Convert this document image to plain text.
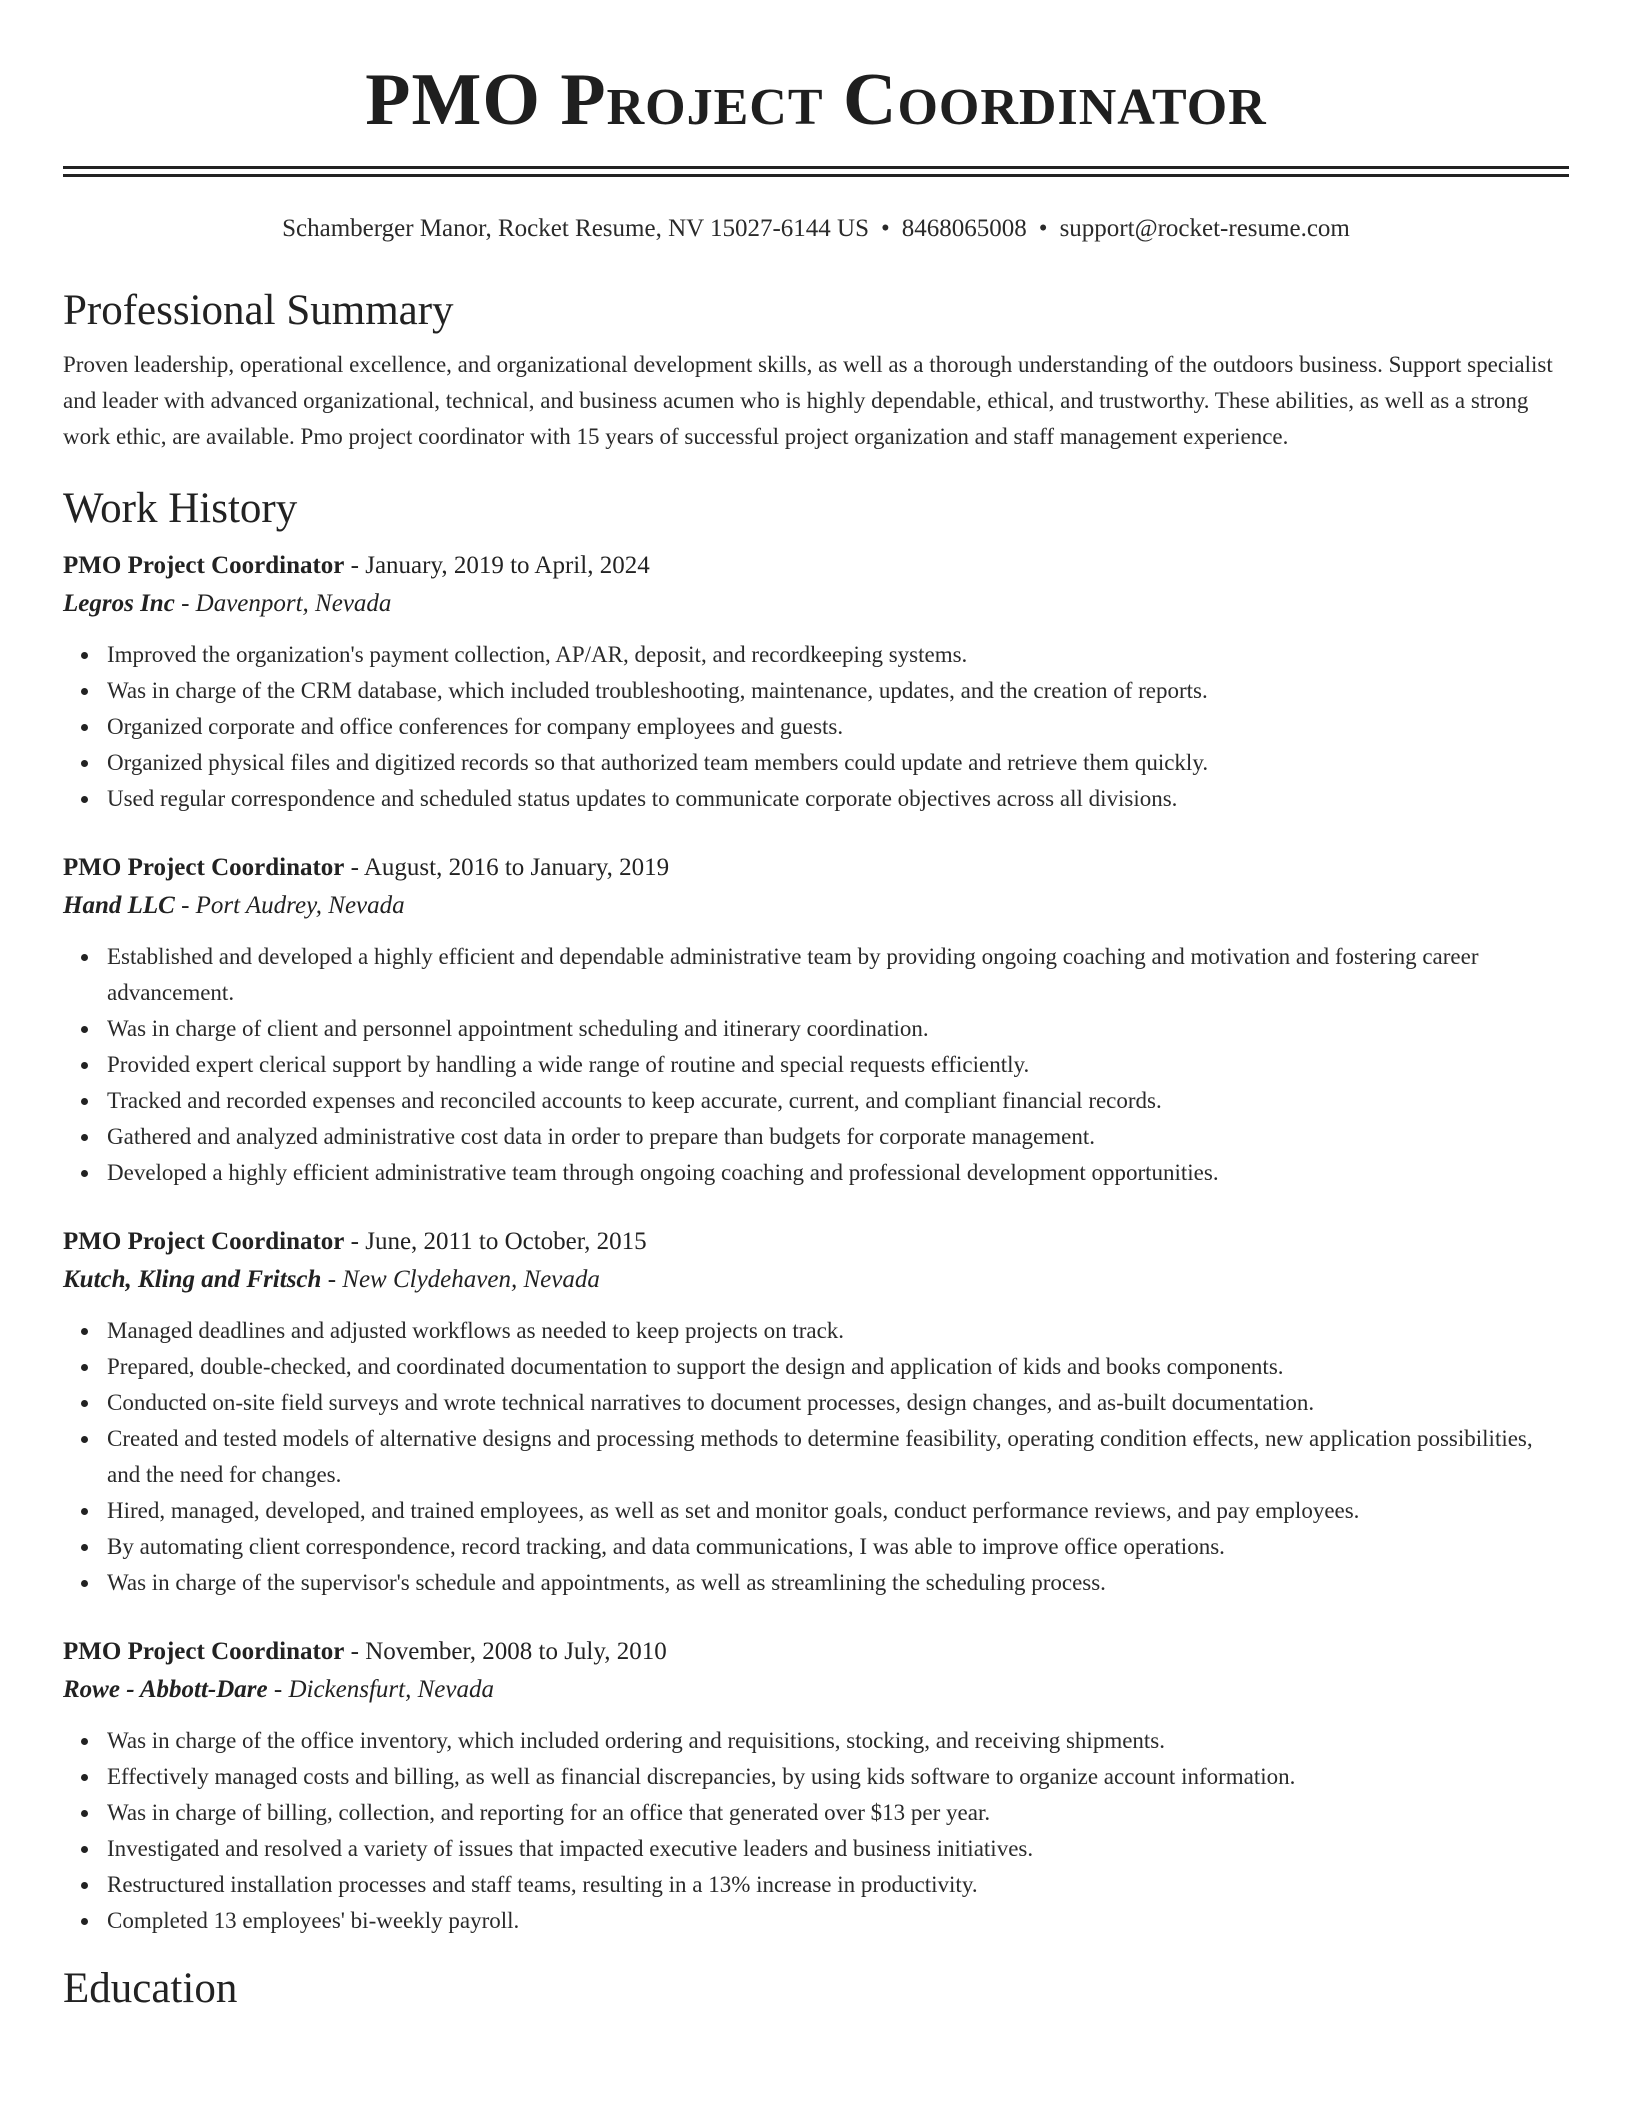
PMO Project Coordinator
Schamberger Manor, Rocket Resume, NV 15027-6144 US • 8468065008 • support@rocket-resume.com
Professional Summary

Proven leadership, operational excellence, and organizational development skills, as well as a thorough understanding of the outdoors business. Support specialist and leader with advanced organizational, technical, and business acumen who is highly dependable, ethical, and trustworthy. These abilities, as well as a strong work ethic, are available. Pmo project coordinator with 15 years of successful project organization and staff management experience.

Work History
PMO Project Coordinator - January, 2019 to April, 2024
Legros Inc - Davenport, Nevada
Improved the organization's payment collection, AP/AR, deposit, and recordkeeping systems.
Was in charge of the CRM database, which included troubleshooting, maintenance, updates, and the creation of reports.
Organized corporate and office conferences for company employees and guests.
Organized physical files and digitized records so that authorized team members could update and retrieve them quickly.
Used regular correspondence and scheduled status updates to communicate corporate objectives across all divisions.
PMO Project Coordinator - August, 2016 to January, 2019
Hand LLC - Port Audrey, Nevada
Established and developed a highly efficient and dependable administrative team by providing ongoing coaching and motivation and fostering career advancement.
Was in charge of client and personnel appointment scheduling and itinerary coordination.
Provided expert clerical support by handling a wide range of routine and special requests efficiently.
Tracked and recorded expenses and reconciled accounts to keep accurate, current, and compliant financial records.
Gathered and analyzed administrative cost data in order to prepare than budgets for corporate management.
Developed a highly efficient administrative team through ongoing coaching and professional development opportunities.
PMO Project Coordinator - June, 2011 to October, 2015
Kutch, Kling and Fritsch - New Clydehaven, Nevada
Managed deadlines and adjusted workflows as needed to keep projects on track.
Prepared, double-checked, and coordinated documentation to support the design and application of kids and books components.
Conducted on-site field surveys and wrote technical narratives to document processes, design changes, and as-built documentation.
Created and tested models of alternative designs and processing methods to determine feasibility, operating condition effects, new application possibilities, and the need for changes.
Hired, managed, developed, and trained employees, as well as set and monitor goals, conduct performance reviews, and pay employees.
By automating client correspondence, record tracking, and data communications, I was able to improve office operations.
Was in charge of the supervisor's schedule and appointments, as well as streamlining the scheduling process.
PMO Project Coordinator - November, 2008 to July, 2010
Rowe - Abbott-Dare - Dickensfurt, Nevada
Was in charge of the office inventory, which included ordering and requisitions, stocking, and receiving shipments.
Effectively managed costs and billing, as well as financial discrepancies, by using kids software to organize account information.
Was in charge of billing, collection, and reporting for an office that generated over $13 per year.
Investigated and resolved a variety of issues that impacted executive leaders and business initiatives.
Restructured installation processes and staff teams, resulting in a 13% increase in productivity.
Completed 13 employees' bi-weekly payroll.
Education
